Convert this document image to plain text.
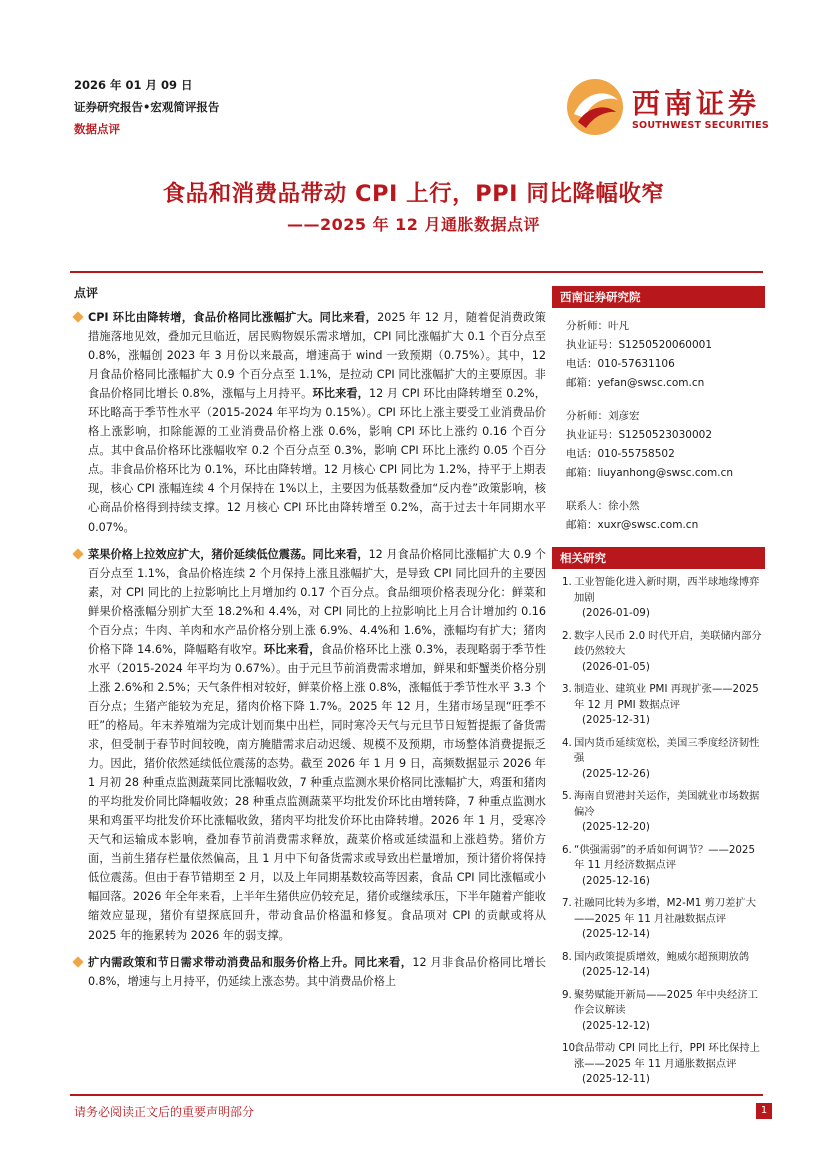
2026 年 01 月 09 日
证券研究报告•宏观简评报告
数据点评
西南证券
SOUTHWEST SECURITIES
食品和消费品带动 CPI 上行，PPI 同比降幅收窄
——2025 年 12 月通胀数据点评
点评
CPI 环比由降转增，食品价格同比涨幅扩大。同比来看，2025 年 12 月，随着促消费政策措施落地见效，叠加元旦临近，居民购物娱乐需求增加，CPI 同比涨幅扩大 0.1 个百分点至 0.8%，涨幅创 2023 年 3 月份以来最高，增速高于 wind 一致预期（0.75%）。其中，12 月食品价格同比涨幅扩大 0.9 个百分点至 1.1%，是拉动 CPI 同比涨幅扩大的主要原因。非食品价格同比增长 0.8%，涨幅与上月持平。环比来看，12 月 CPI 环比由降转增至 0.2%，环比略高于季节性水平（2015-2024 年平均为 0.15%）。CPI 环比上涨主要受工业消费品价格上涨影响，扣除能源的工业消费品价格上涨 0.6%，影响 CPI 环比上涨约 0.16 个百分点。其中食品价格环比涨幅收窄 0.2 个百分点至 0.3%，影响 CPI 环比上涨约 0.05 个百分点。非食品价格环比为 0.1%，环比由降转增。12 月核心 CPI 同比为 1.2%，持平于上期表现，核心 CPI 涨幅连续 4 个月保持在 1%以上，主要因为低基数叠加“反内卷”政策影响，核心商品价格得到持续支撑。12 月核心 CPI 环比由降转增至 0.2%，高于过去十年同期水平 0.07%。
菜果价格上拉效应扩大，猪价延续低位震荡。同比来看，12 月食品价格同比涨幅扩大 0.9 个百分点至 1.1%，食品价格连续 2 个月保持上涨且涨幅扩大，是导致 CPI 同比回升的主要因素，对 CPI 同比的上拉影响比上月增加约 0.17 个百分点。食品细项价格表现分化：鲜菜和鲜果价格涨幅分别扩大至 18.2%和 4.4%，对 CPI 同比的上拉影响比上月合计增加约 0.16 个百分点；牛肉、羊肉和水产品价格分别上涨 6.9%、4.4%和 1.6%，涨幅均有扩大；猪肉价格下降 14.6%，降幅略有收窄。环比来看，食品价格环比上涨 0.3%，表现略弱于季节性水平（2015-2024 年平均为 0.67%）。由于元旦节前消费需求增加，鲜果和虾蟹类价格分别上涨 2.6%和 2.5%；天气条件相对较好，鲜菜价格上涨 0.8%，涨幅低于季节性水平 3.3 个百分点；生猪产能较为充足，猪肉价格下降 1.7%。2025 年 12 月，生猪市场呈现“旺季不旺”的格局。年末养殖端为完成计划而集中出栏，同时寒冷天气与元旦节日短暂提振了备货需求，但受制于春节时间较晚，南方腌腊需求启动迟缓、规模不及预期，市场整体消费提振乏力。因此，猪价依然延续低位震荡的态势。截至 2026 年 1 月 9 日，高频数据显示 2026 年 1 月初 28 种重点监测蔬菜同比涨幅收敛，7 种重点监测水果价格同比涨幅扩大，鸡蛋和猪肉的平均批发价同比降幅收敛；28 种重点监测蔬菜平均批发价环比由增转降，7 种重点监测水果和鸡蛋平均批发价环比涨幅收敛，猪肉平均批发价环比由降转增。2026 年 1 月，受寒冷天气和运输成本影响，叠加春节前消费需求释放，蔬菜价格或延续温和上涨趋势。猪价方面，当前生猪存栏量依然偏高，且 1 月中下旬备货需求或导致出栏量增加，预计猪价将保持低位震荡。但由于春节错期至 2 月，以及上年同期基数较高等因素，食品 CPI 同比涨幅或小幅回落。2026 年全年来看，上半年生猪供应仍较充足，猪价或继续承压，下半年随着产能收缩效应显现，猪价有望探底回升，带动食品价格温和修复。食品项对 CPI 的贡献或将从 2025 年的拖累转为 2026 年的弱支撑。
扩内需政策和节日需求带动消费品和服务价格上升。同比来看，12 月非食品价格同比增长 0.8%，增速与上月持平，仍延续上涨态势。其中消费品价格上
西南证券研究院
分析师：叶凡
执业证号：S1250520060001
电话：010-57631106
邮箱：yefan@swsc.com.cn
分析师：刘彦宏
执业证号：S1250523030002
电话：010-55758502
邮箱：liuyanhong@swsc.com.cn
联系人：徐小然
邮箱：xuxr@swsc.com.cn
相关研究
1. 工业智能化进入新时期，西半球地缘博弈加剧
(2026-01-09)
2. 数字人民币 2.0 时代开启，美联储内部分歧仍然较大
(2026-01-05)
3. 制造业、建筑业 PMI 再现扩张——2025 年 12 月 PMI 数据点评
(2025-12-31)
4. 国内货币延续宽松，美国三季度经济韧性强
(2025-12-26)
5. 海南自贸港封关运作，美国就业市场数据偏冷
(2025-12-20)
6. “供强需弱”的矛盾如何调节？——2025 年 11 月经济数据点评
(2025-12-16)
7. 社融同比转为多增，M2-M1 剪刀差扩大——2025 年 11 月社融数据点评
(2025-12-14)
8. 国内政策提质增效，鲍威尔超预期放鸽
(2025-12-14)
9. 聚势赋能开新局——2025 年中央经济工作会议解读
(2025-12-12)
10.
食品带动 CPI 同比上行，PPI 环比保持上涨——2025 年 11 月通胀数据点评
(2025-12-11)
请务必阅读正文后的重要声明部分	1
